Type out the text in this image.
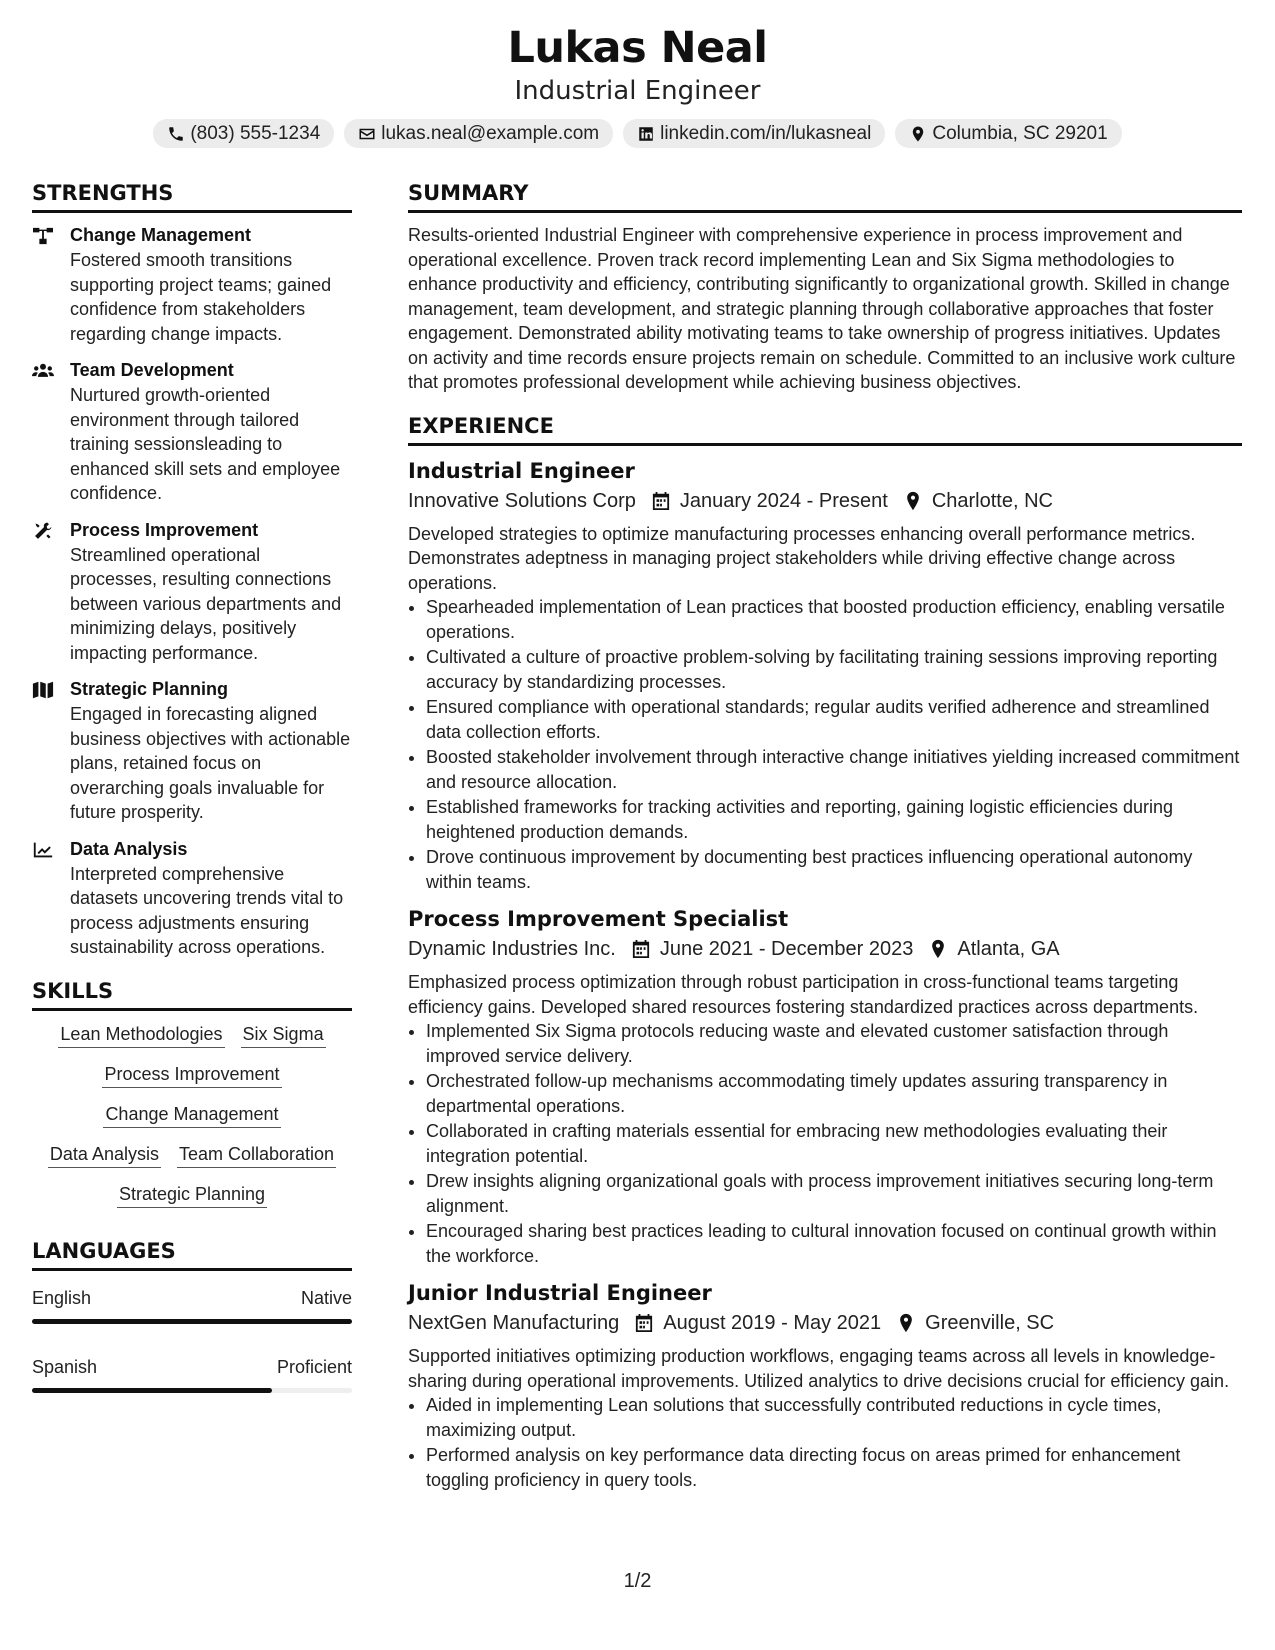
Lukas Neal
Industrial Engineer
(803) 555-1234	lukas.neal@example.com	linkedin.com/in/lukasneal	Columbia, SC 29201
STRENGTHS
Change Management
Fostered smooth transitions supporting project teams; gained confidence from stakeholders regarding change impacts.
Team Development
Nurtured growth-oriented environment through tailored training sessionsleading to enhanced skill sets and employee confidence.
Process Improvement
Streamlined operational processes, resulting connections between various departments and minimizing delays, positively impacting performance.
Strategic Planning
Engaged in forecasting aligned business objectives with actionable plans, retained focus on overarching goals invaluable for future prosperity.
Data Analysis
Interpreted comprehensive datasets uncovering trends vital to process adjustments ensuring sustainability across operations.
SKILLS
Lean Methodologies Six Sigma
Process Improvement
Change Management
Data Analysis Team Collaboration
Strategic Planning
LANGUAGES
English	Native
Spanish	Proficient
SUMMARY
Results-oriented Industrial Engineer with comprehensive experience in process improvement and operational excellence. Proven track record implementing Lean and Six Sigma methodologies to enhance productivity and efficiency, contributing significantly to organizational growth. Skilled in change management, team development, and strategic planning through collaborative approaches that foster engagement. Demonstrated ability motivating teams to take ownership of progress initiatives. Updates on activity and time records ensure projects remain on schedule. Committed to an inclusive work culture that promotes professional development while achieving business objectives.
EXPERIENCE
Industrial Engineer
Innovative Solutions Corp January 2024 - Present Charlotte, NC
Developed strategies to optimize manufacturing processes enhancing overall performance metrics. Demonstrates adeptness in managing project stakeholders while driving effective change across operations.
• Spearheaded implementation of Lean practices that boosted production efficiency, enabling versatile operations.
• Cultivated a culture of proactive problem-solving by facilitating training sessions improving reporting accuracy by standardizing processes.
• Ensured compliance with operational standards; regular audits verified adherence and streamlined data collection efforts.
• Boosted stakeholder involvement through interactive change initiatives yielding increased commitment and resource allocation.
• Established frameworks for tracking activities and reporting, gaining logistic efficiencies during heightened production demands.
• Drove continuous improvement by documenting best practices influencing operational autonomy within teams.
Process Improvement Specialist
Dynamic Industries Inc. June 2021 - December 2023 Atlanta, GA
Emphasized process optimization through robust participation in cross-functional teams targeting efficiency gains. Developed shared resources fostering standardized practices across departments.
• Implemented Six Sigma protocols reducing waste and elevated customer satisfaction through improved service delivery.
• Orchestrated follow-up mechanisms accommodating timely updates assuring transparency in departmental operations.
• Collaborated in crafting materials essential for embracing new methodologies evaluating their integration potential.
• Drew insights aligning organizational goals with process improvement initiatives securing long-term alignment.
• Encouraged sharing best practices leading to cultural innovation focused on continual growth within the workforce.
Junior Industrial Engineer
NextGen Manufacturing August 2019 - May 2021 Greenville, SC
Supported initiatives optimizing production workflows, engaging teams across all levels in knowledge-sharing during operational improvements. Utilized analytics to drive decisions crucial for efficiency gain.
• Aided in implementing Lean solutions that successfully contributed reductions in cycle times, maximizing output.
• Performed analysis on key performance data directing focus on areas primed for enhancement toggling proficiency in query tools.
1/2
